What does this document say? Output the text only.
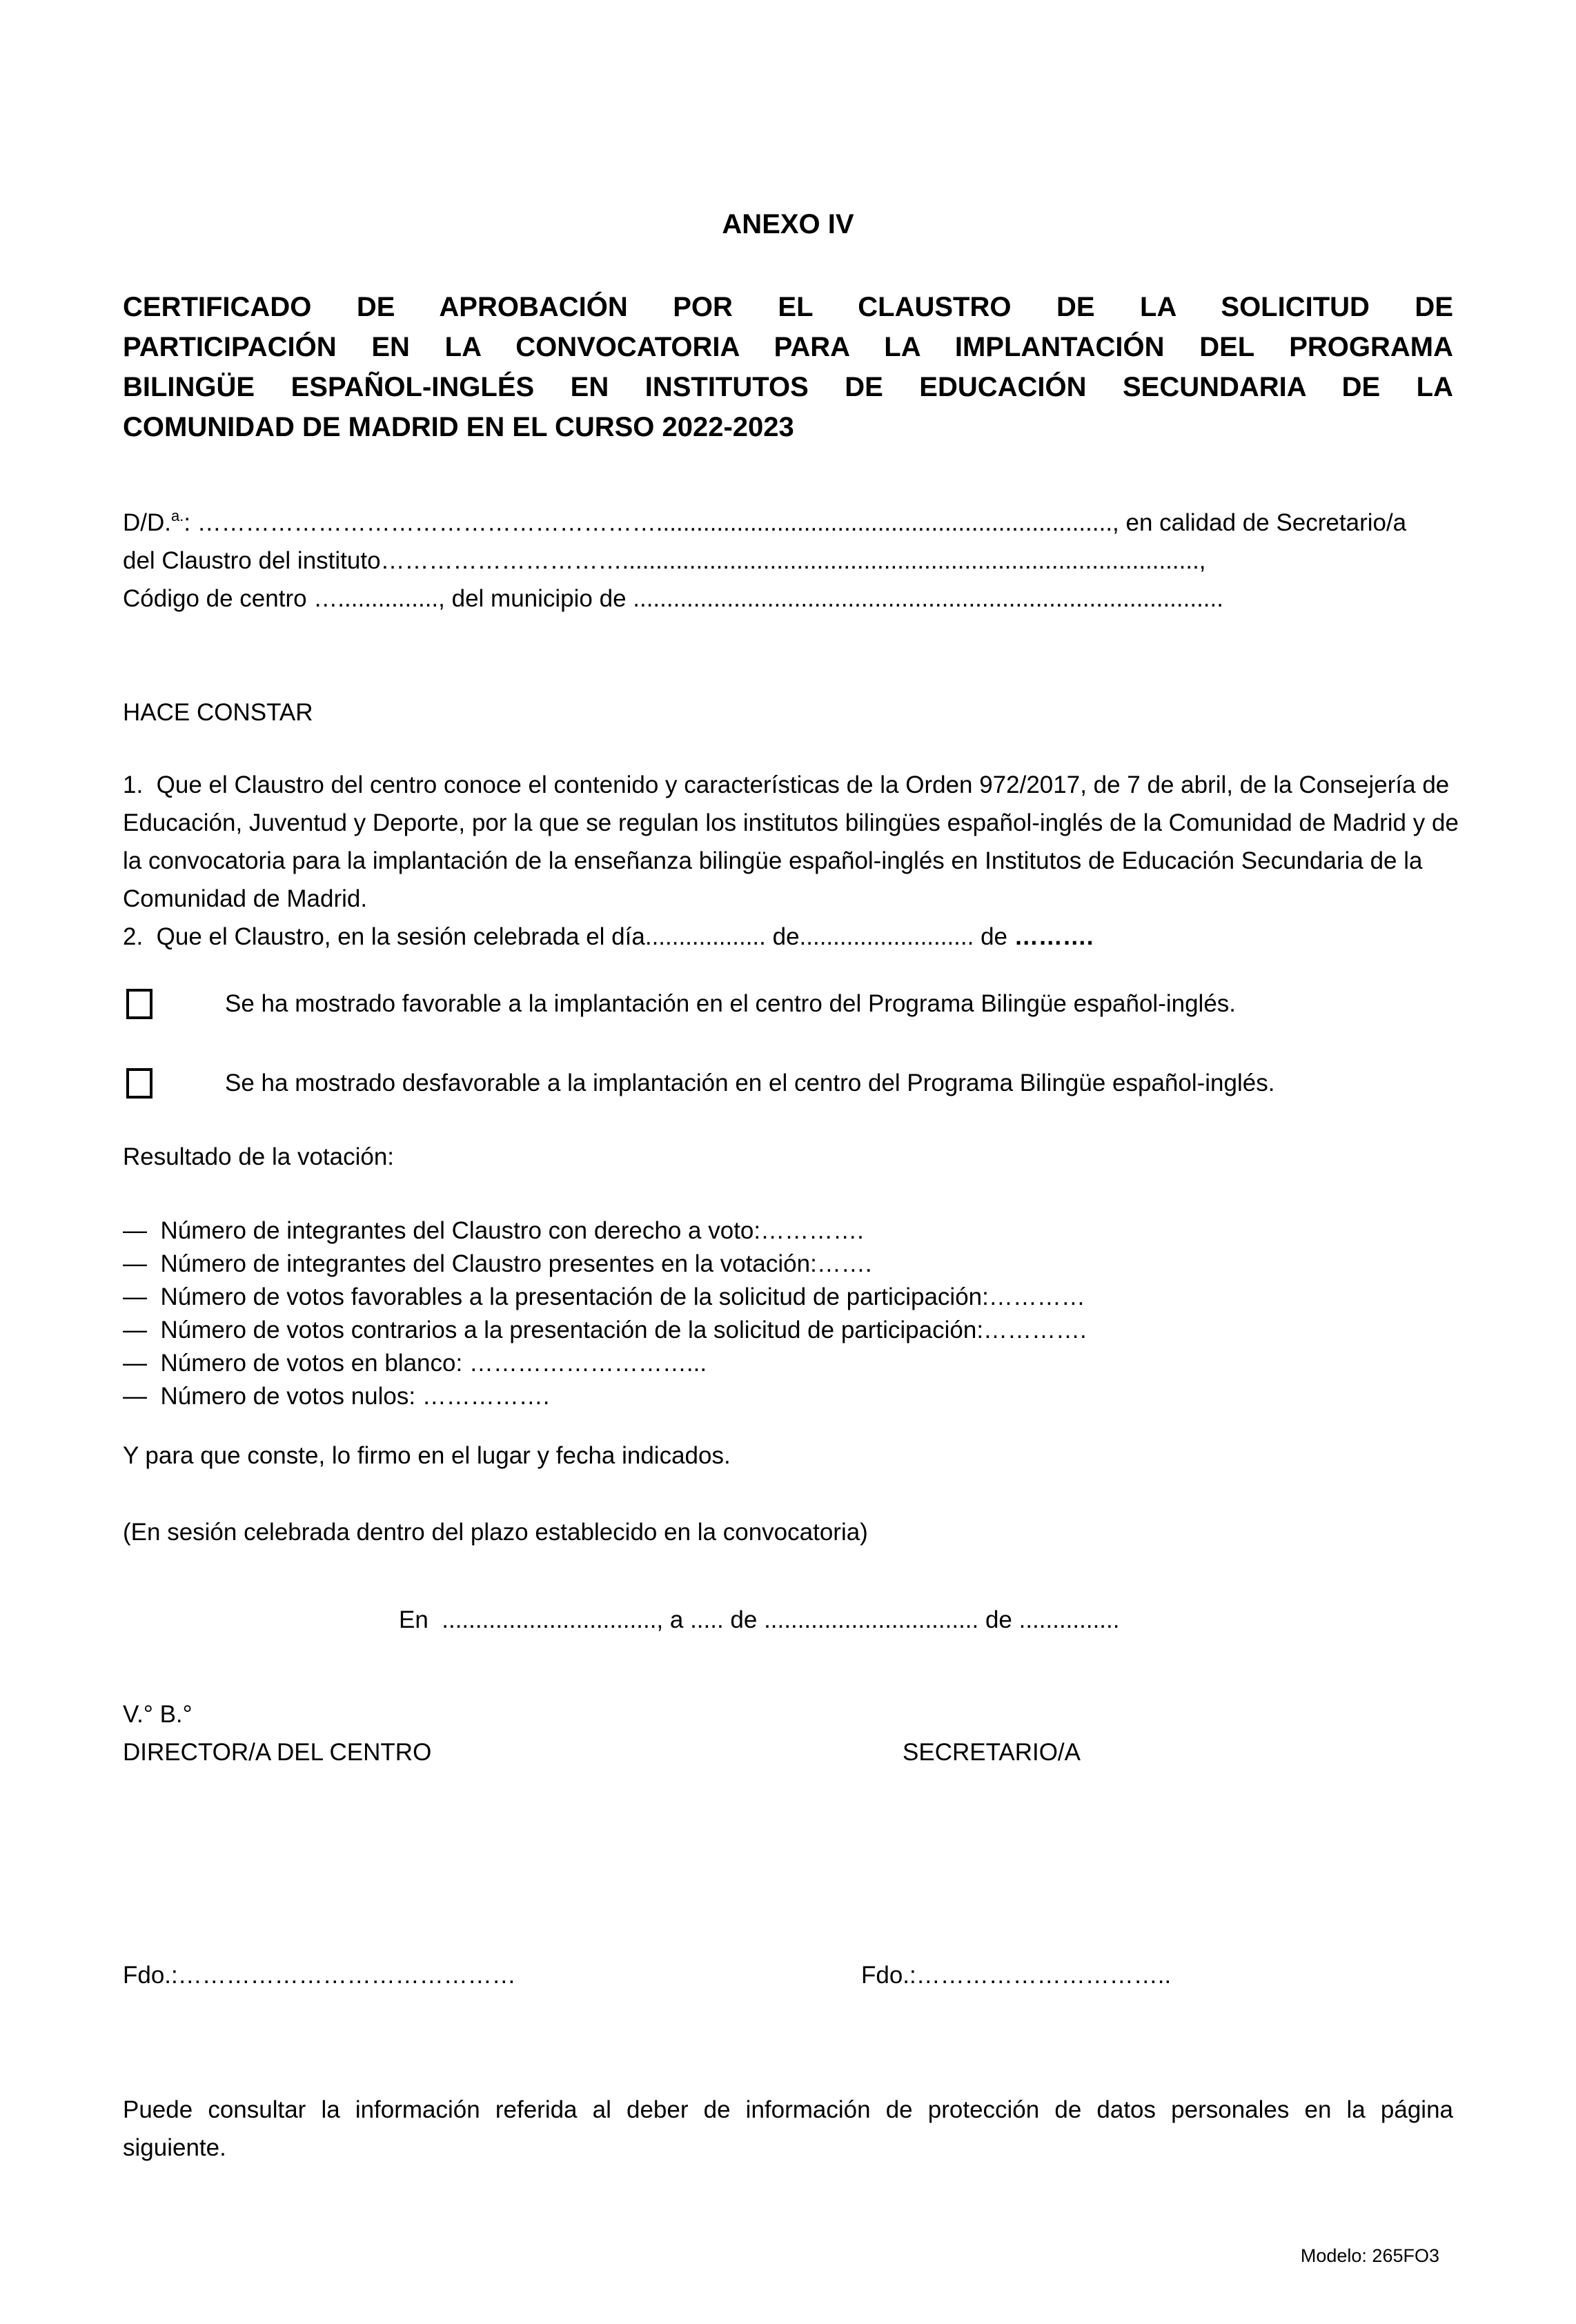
ANEXO IV
CERTIFICADO DE APROBACIÓN POR EL CLAUSTRO DE LA SOLICITUD DE
PARTICIPACIÓN EN LA CONVOCATORIA PARA LA IMPLANTACIÓN DEL PROGRAMA
BILINGÜE ESPAÑOL-INGLÉS EN INSTITUTOS DE EDUCACIÓN SECUNDARIA DE LA
COMUNIDAD DE MADRID EN EL CURSO 2022-2023
D/D.$^{a.}$: …………………………………………………...................................................................., en calidad de Secretario/a
del Claustro del instituto…………………………......................................................................................,
Código de centro …..............., del municipio de ........................................................................................
HACE CONSTAR
1.  Que el Claustro del centro conoce el contenido y características de la Orden 972/2017, de 7 de abril, de la Consejería de
Educación, Juventud y Deporte, por la que se regulan los institutos bilingües español-inglés de la Comunidad de Madrid y de
la convocatoria para la implantación de la enseñanza bilingüe español-inglés en Institutos de Educación Secundaria de la
Comunidad de Madrid.
2.  Que el Claustro, en la sesión celebrada el día.................. de.......................... de ……….
Se ha mostrado favorable a la implantación en el centro del Programa Bilingüe español-inglés.
Se ha mostrado desfavorable a la implantación en el centro del Programa Bilingüe español-inglés.
Resultado de la votación:
—  Número de integrantes del Claustro con derecho a voto:………….
—  Número de integrantes del Claustro presentes en la votación:…….
—  Número de votos favorables a la presentación de la solicitud de participación:…………
—  Número de votos contrarios a la presentación de la solicitud de participación:………….
—  Número de votos en blanco: ………………………...
—  Número de votos nulos: …………….
Y para que conste, lo firmo en el lugar y fecha indicados.
(En sesión celebrada dentro del plazo establecido en la convocatoria)
En  ................................, a ..... de ................................ de ...............
V.° B.°
DIRECTOR/A DEL CENTRO	SECRETARIO/A
Fdo.:……………………………………	Fdo.:…………………………..
Puede consultar la información referida al deber de información de protección de datos personales en la página
siguiente.
Modelo: 265FO3
